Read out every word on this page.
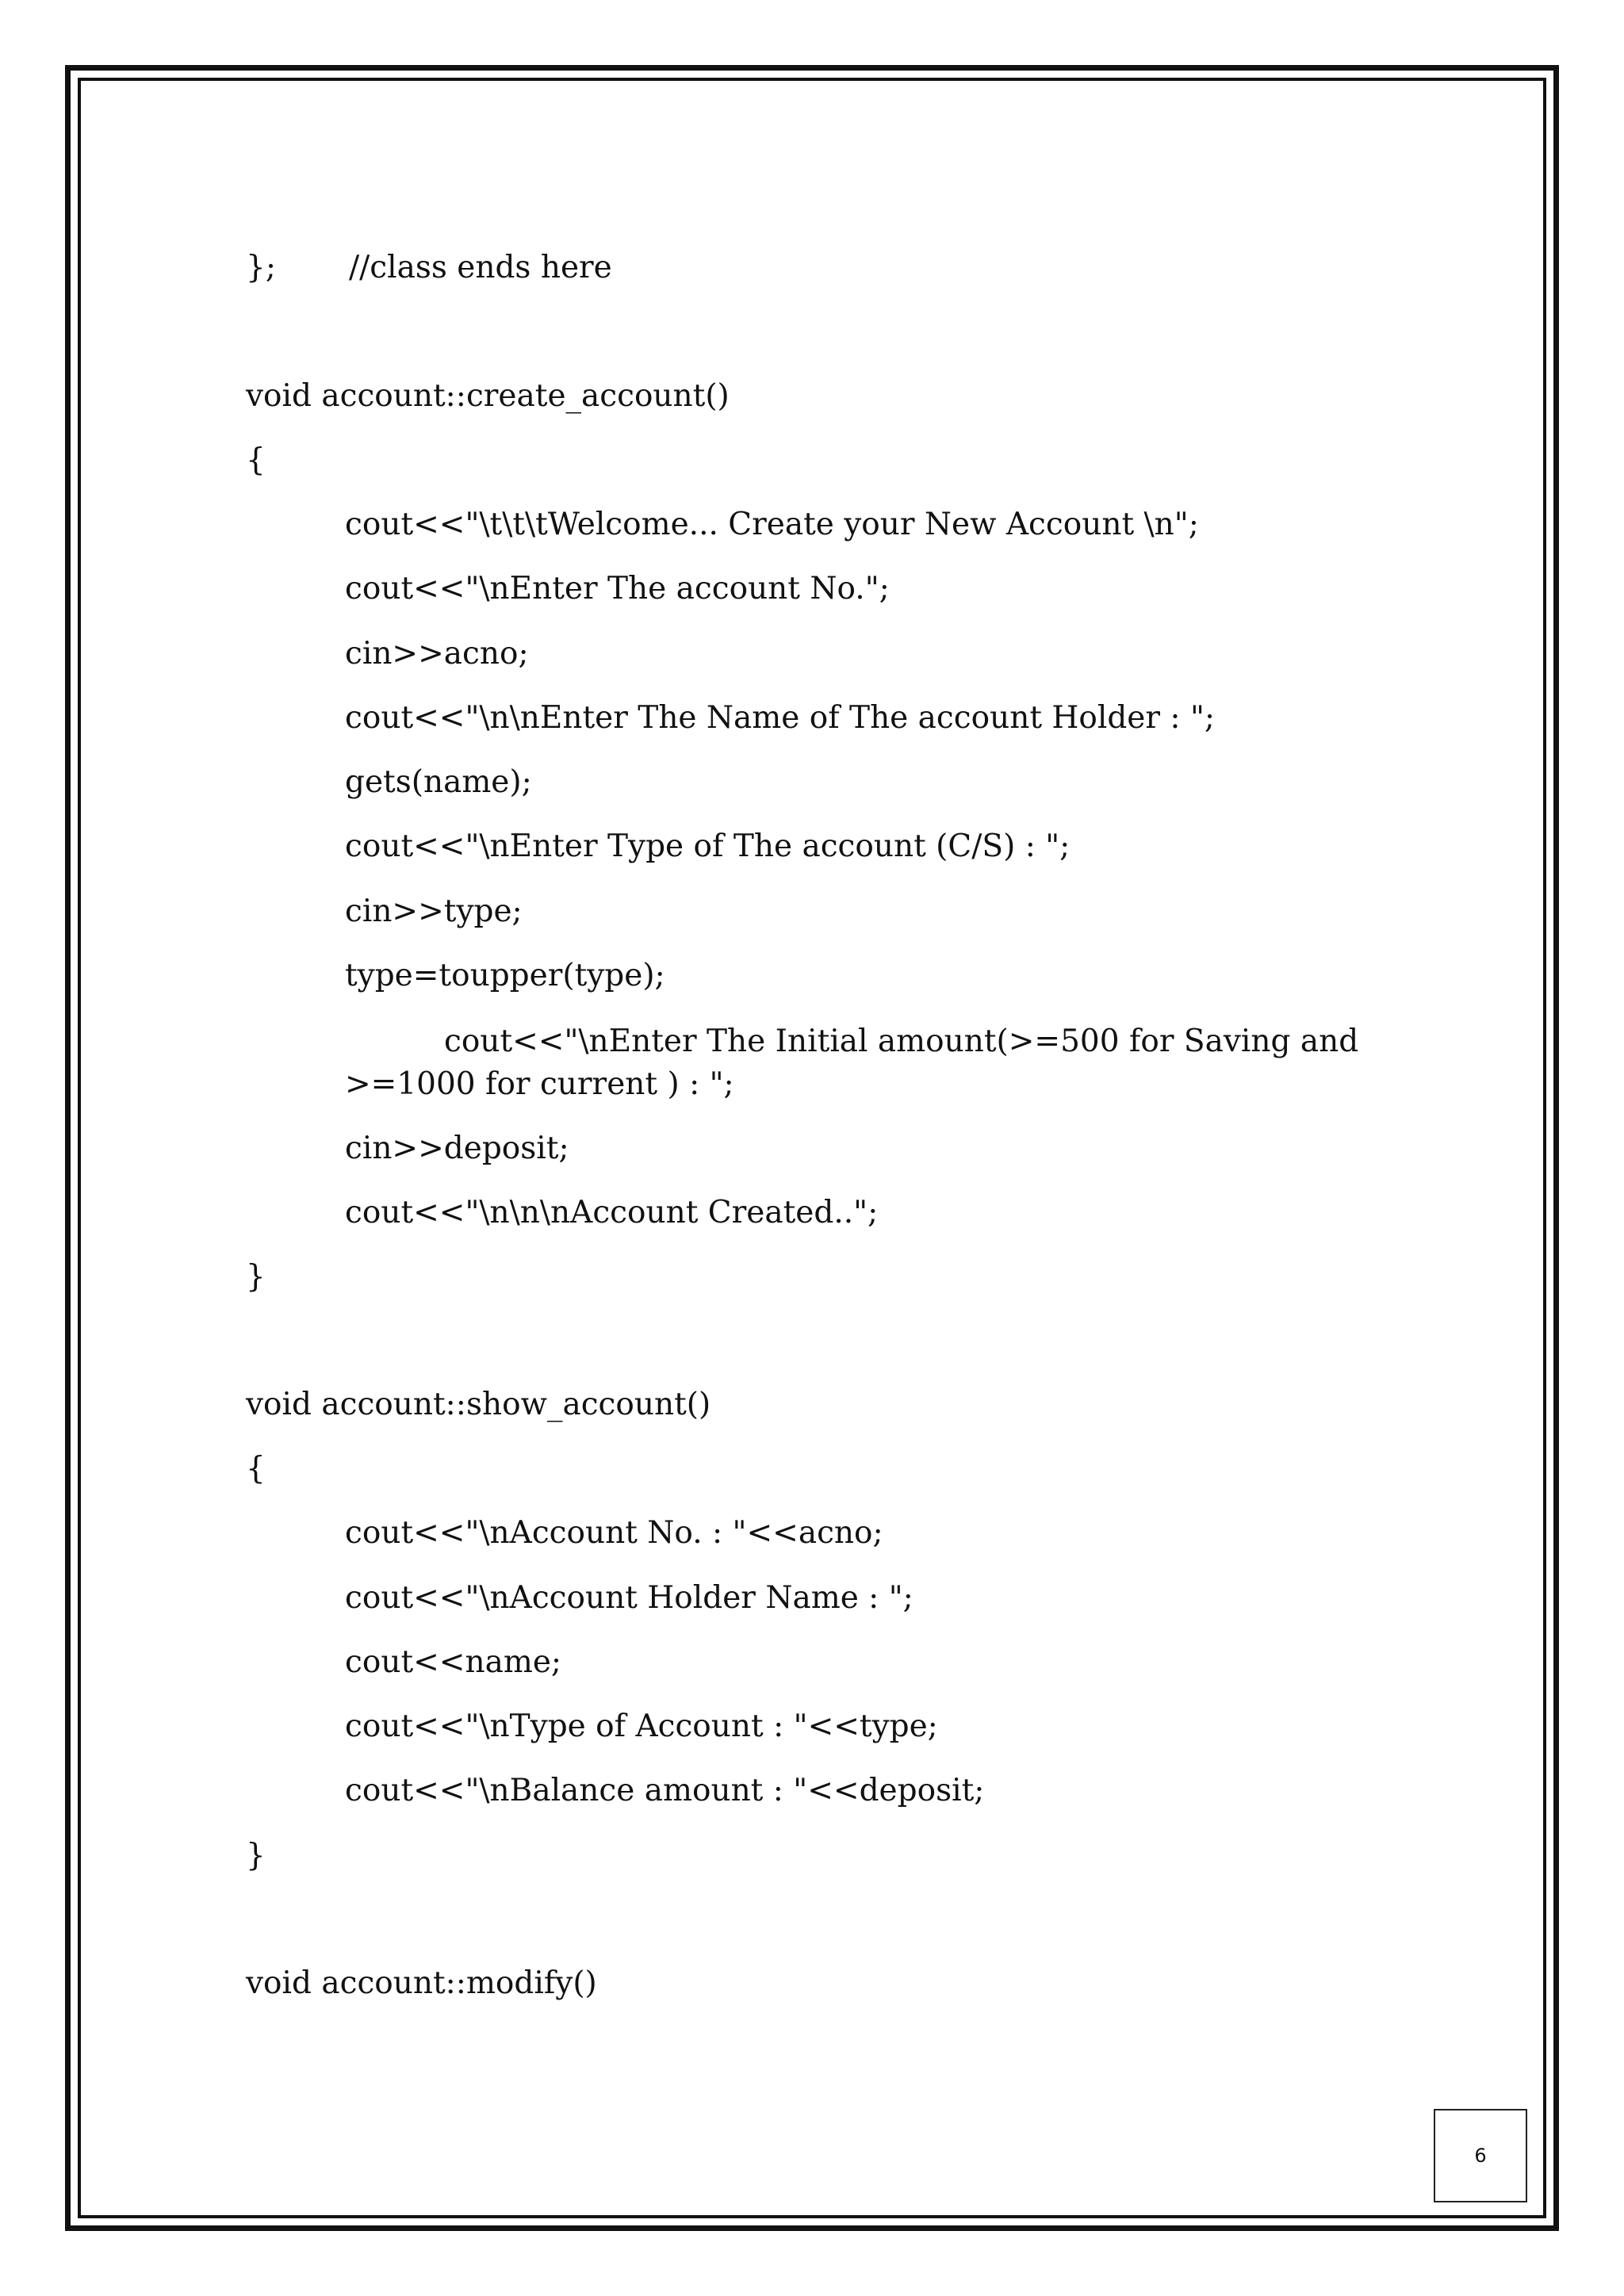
}; //class ends here
void account::create_account()
{
cout<<"\t\t\tWelcome... Create your New Account \n";
cout<<"\nEnter The account No.";
cin>>acno;
cout<<"\n\nEnter The Name of The account Holder : ";
gets(name);
cout<<"\nEnter Type of The account (C/S) : ";
cin>>type;
type=toupper(type);
cout<<"\nEnter The Initial amount(>=500 for Saving and
>=1000 for current ) : ";
cin>>deposit;
cout<<"\n\n\nAccount Created..";
}
void account::show_account()
{
cout<<"\nAccount No. : "<<acno;
cout<<"\nAccount Holder Name : ";
cout<<name;
cout<<"\nType of Account : "<<type;
cout<<"\nBalance amount : "<<deposit;
}
void account::modify()
6
